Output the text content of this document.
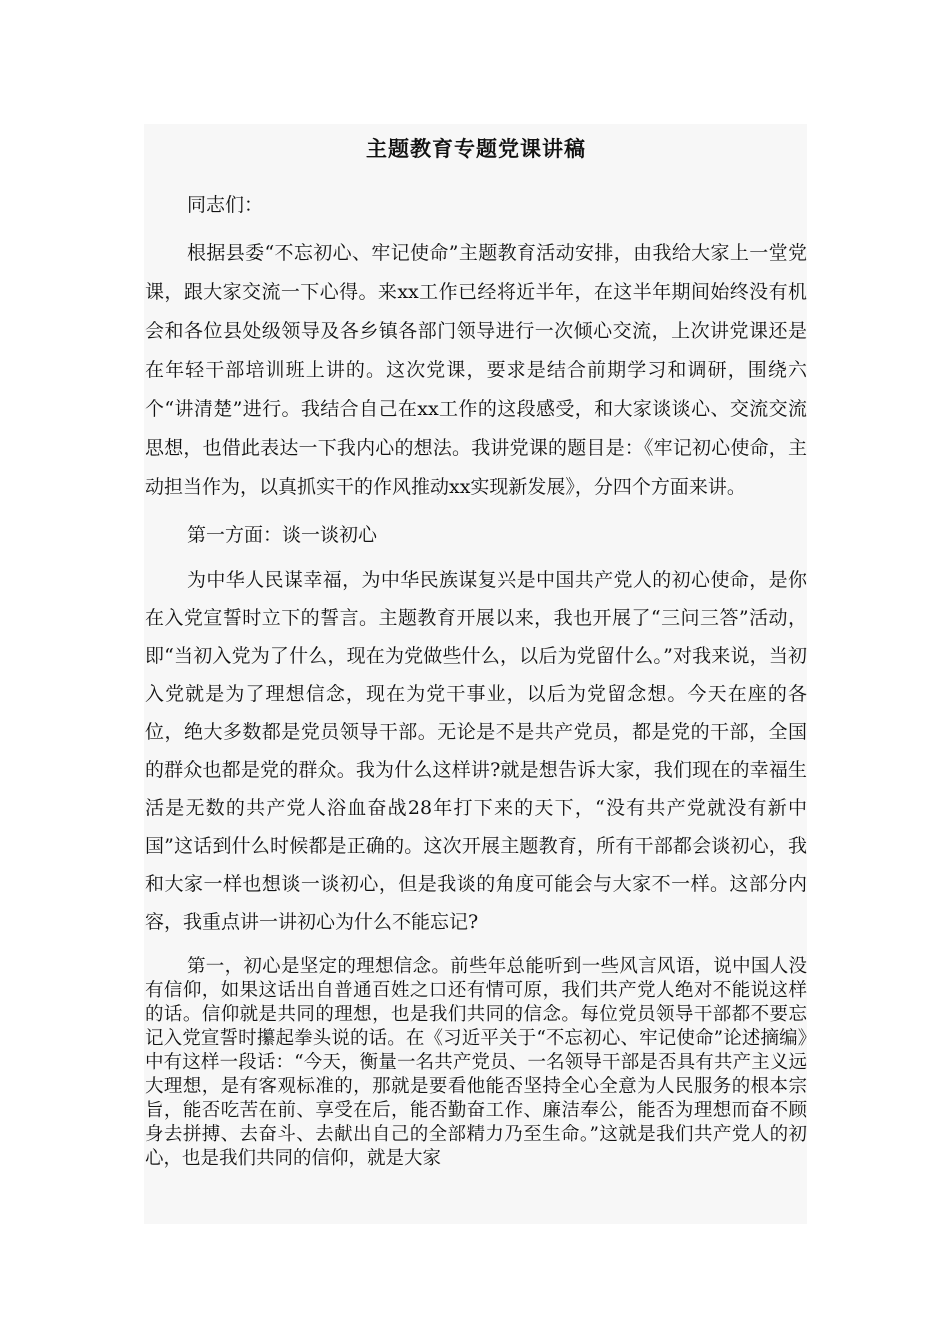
主题教育专题党课讲稿

同志们：

根据县委“不忘初心、牢记使命”主题教育活动安排，由我给大家上一堂党课，跟大家交流一下心得。来xx工作已经将近半年，在这半年期间始终没有机会和各位县处级领导及各乡镇各部门领导进行一次倾心交流，上次讲党课还是在年轻干部培训班上讲的。这次党课，要求是结合前期学习和调研，围绕六个“讲清楚”进行。我结合自己在xx工作的这段感受，和大家谈谈心、交流交流思想，也借此表达一下我内心的想法。我讲党课的题目是：《牢记初心使命，主动担当作为，以真抓实干的作风推动xx实现新发展》，分四个方面来讲。

第一方面：谈一谈初心

为中华人民谋幸福，为中华民族谋复兴是中国共产党人的初心使命，是你在入党宣誓时立下的誓言。主题教育开展以来，我也开展了“三问三答”活动，即“当初入党为了什么，现在为党做些什么，以后为党留什么。”对我来说，当初入党就是为了理想信念，现在为党干事业，以后为党留念想。今天在座的各位，绝大多数都是党员领导干部。无论是不是共产党员，都是党的干部，全国的群众也都是党的群众。我为什么这样讲?就是想告诉大家，我们现在的幸福生活是无数的共产党人浴血奋战28年打下来的天下，“没有共产党就没有新中国”这话到什么时候都是正确的。这次开展主题教育，所有干部都会谈初心，我和大家一样也想谈一谈初心，但是我谈的角度可能会与大家不一样。这部分内容，我重点讲一讲初心为什么不能忘记?

第一，初心是坚定的理想信念。前些年总能听到一些风言风语，说中国人没有信仰，如果这话出自普通百姓之口还有情可原，我们共产党人绝对不能说这样的话。信仰就是共同的理想，也是我们共同的信念。每位党员领导干部都不要忘记入党宣誓时攥起拳头说的话。在《习近平关于“不忘初心、牢记使命”论述摘编》中有这样一段话：“今天，衡量一名共产党员、一名领导干部是否具有共产主义远大理想，是有客观标准的，那就是要看他能否坚持全心全意为人民服务的根本宗旨，能否吃苦在前、享受在后，能否勤奋工作、廉洁奉公，能否为理想而奋不顾身去拼搏、去奋斗、去献出自己的全部精力乃至生命。”这就是我们共产党人的初心，也是我们共同的信仰，就是大家
